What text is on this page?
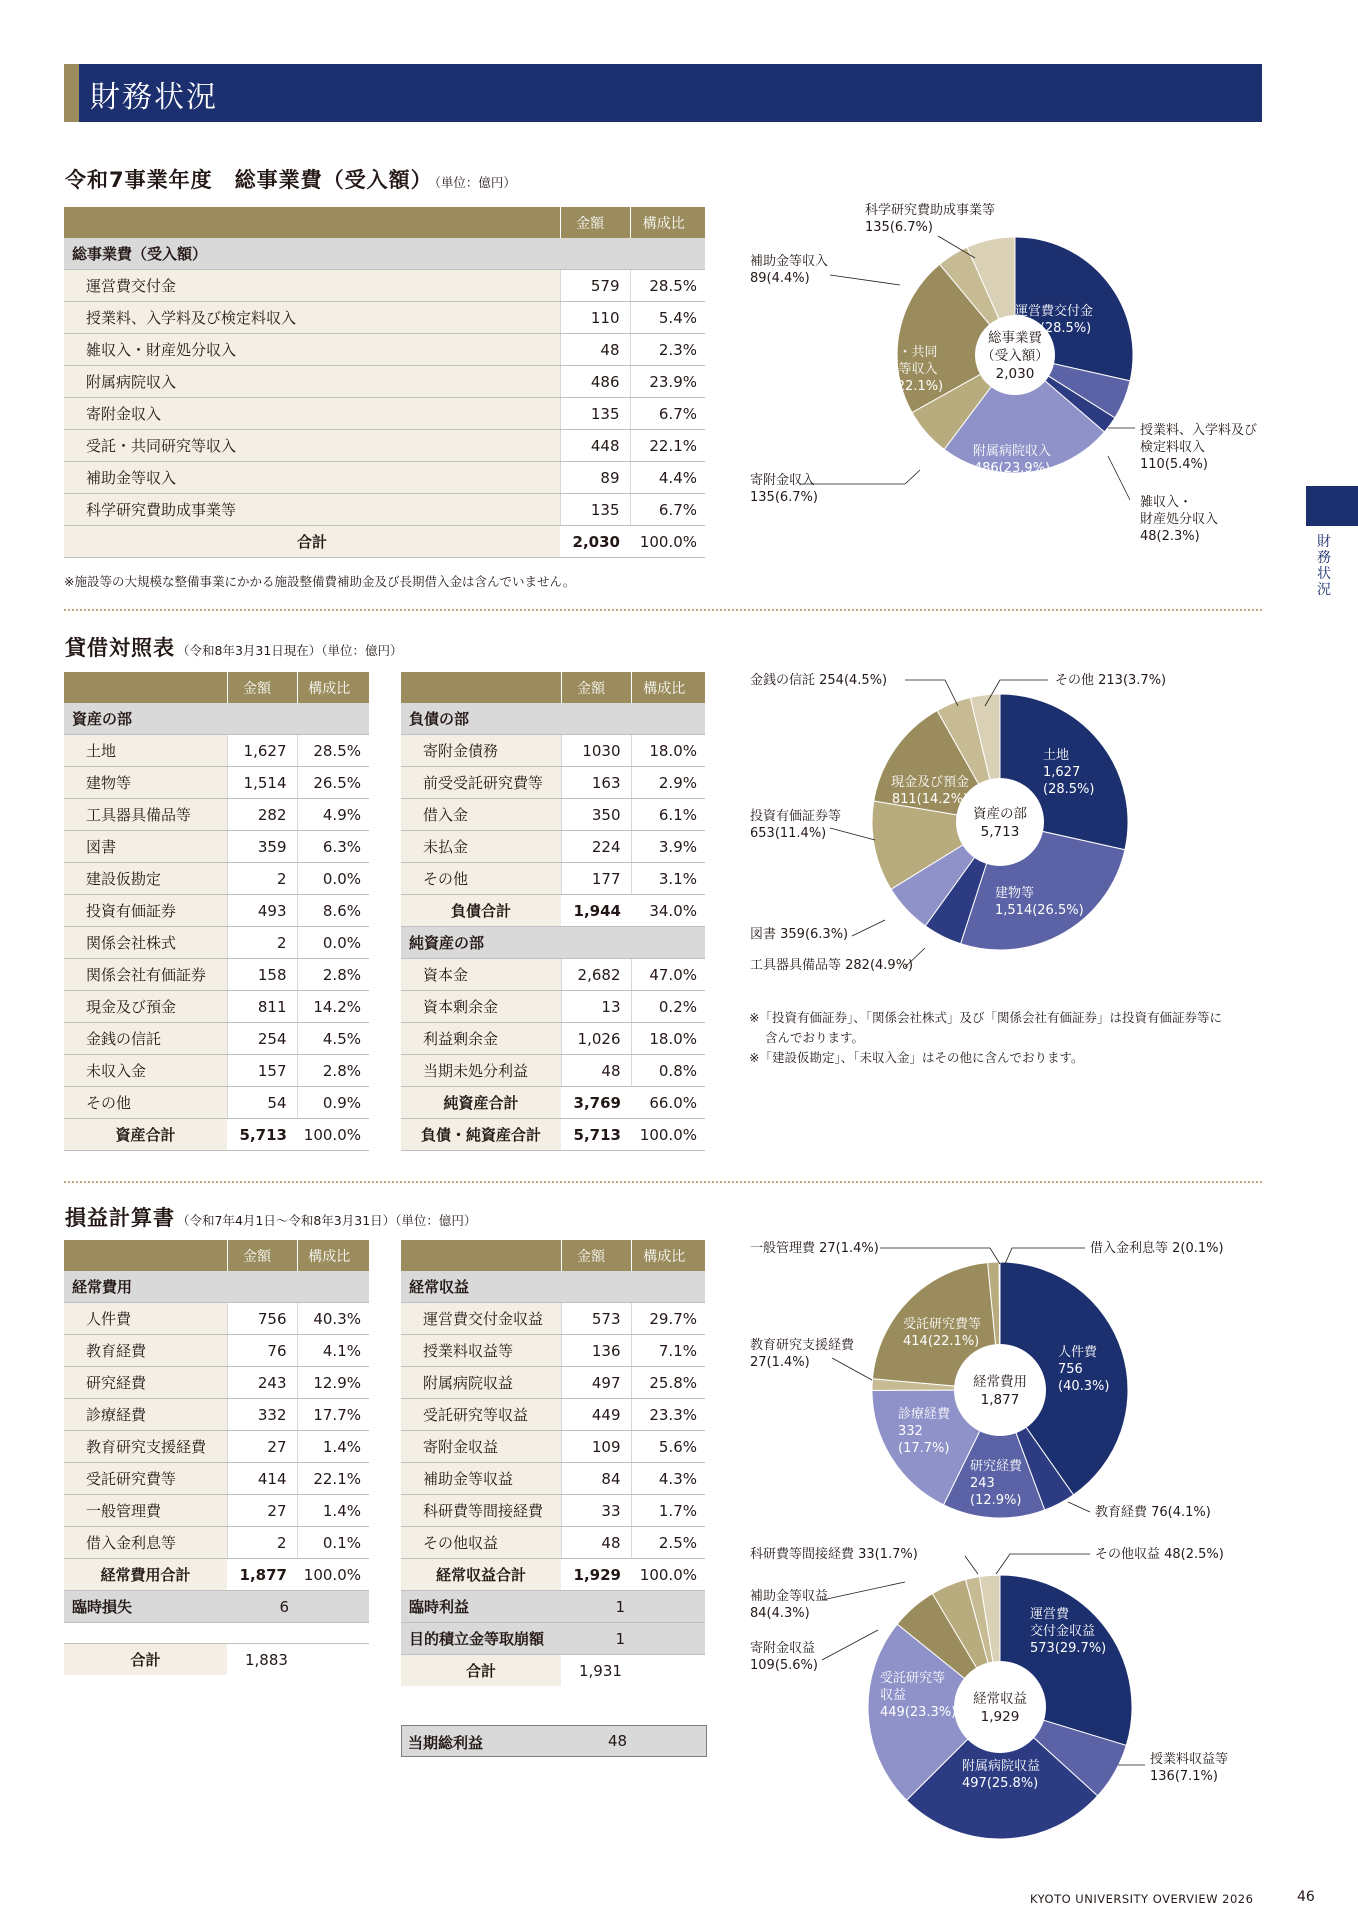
財務状況
財務状況
令和7事業年度　総事業費（受入額） （単位：億円）
	金額	構成比
総事業費（受入額）		
運営費交付金	579	28.5%
授業料、入学料及び検定料収入	110	5.4%
雑収入・財産処分収入	48	2.3%
附属病院収入	486	23.9%
寄附金収入	135	6.7%
受託・共同研究等収入	448	22.1%
補助金等収入	89	4.4%
科学研究費助成事業等	135	6.7%
合計	2,030	100.0%
※施設等の大規模な整備事業にかかる施設整備費補助金及び長期借入金は含んでいません。
総事業費
（受入額）
2,030
運営費交付金
579(28.5%)
授業料、入学料及び
検定料収入
110(5.4%)
雑収入・
財産処分収入
48(2.3%)
附属病院収入
486(23.9%)
寄附金収入
135(6.7%)
受託・共同
研究等収入
448(22.1%)
補助金等収入
89(4.4%)
科学研究費助成事業等
135(6.7%)
貸借対照表 （令和8年3月31日現在）（単位：億円）
	金額	構成比
資産の部		
土地	1,627	28.5%
建物等	1,514	26.5%
工具器具備品等	282	4.9%
図書	359	6.3%
建設仮勘定	2	0.0%
投資有価証券	493	8.6%
関係会社株式	2	0.0%
関係会社有価証券	158	2.8%
現金及び預金	811	14.2%
金銭の信託	254	4.5%
未収入金	157	2.8%
その他	54	0.9%
資産合計	5,713	100.0%
	金額	構成比
負債の部		
寄附金債務	1030	18.0%
前受受託研究費等	163	2.9%
借入金	350	6.1%
未払金	224	3.9%
その他	177	3.1%
負債合計	1,944	34.0%
純資産の部		
資本金	2,682	47.0%
資本剰余金	13	0.2%
利益剰余金	1,026	18.0%
当期未処分利益	48	0.8%
純資産合計	3,769	66.0%
負債・純資産合計	5,713	100.0%
資産の部
5,713
土地
1,627
(28.5%)
建物等
1,514(26.5%)
工具器具備品等 282(4.9%)
図書 359(6.3%)
投資有価証券等
653(11.4%)
現金及び預金
811(14.2%)
金銭の信託 254(4.5%)	その他 213(3.7%)
※「投資有価証券」、「関係会社株式」及び「関係会社有価証券」は投資有価証券等に
含んでおります。
※「建設仮勘定」、「未収入金」はその他に含んでおります。
損益計算書 （令和7年4月1日～令和8年3月31日）（単位：億円）
	金額	構成比
経常費用		
人件費	756	40.3%
教育経費	76	4.1%
研究経費	243	12.9%
診療経費	332	17.7%
教育研究支援経費	27	1.4%
受託研究費等	414	22.1%
一般管理費	27	1.4%
借入金利息等	2	0.1%
経常費用合計	1,877	100.0%
臨時損失	6	

合計	1,883	
	金額	構成比
経常収益		
運営費交付金収益	573	29.7%
授業料収益等	136	7.1%
附属病院収益	497	25.8%
受託研究等収益	449	23.3%
寄附金収益	109	5.6%
補助金等収益	84	4.3%
科研費等間接経費	33	1.7%
その他収益	48	2.5%
経常収益合計	1,929	100.0%
臨時利益	1	
目的積立金等取崩額	1	
合計	1,931	
当期総利益	48
経常費用
1,877
人件費
756
(40.3%)
教育経費 76(4.1%)
研究経費
243
(12.9%)
診療経費
332
(17.7%)
教育研究支援経費
27(1.4%)
受託研究費等
414(22.1%)
一般管理費 27(1.4%)	借入金利息等 2(0.1%)
経常収益
1,929
運営費
交付金収益
573(29.7%)
授業料収益等
136(7.1%)
附属病院収益
497(25.8%)
受託研究等
収益
449(23.3%)
寄附金収益
109(5.6%)
補助金等収益
84(4.3%)
科研費等間接経費 33(1.7%)	その他収益 48(2.5%)
KYOTO UNIVERSITY OVERVIEW 2026	46
